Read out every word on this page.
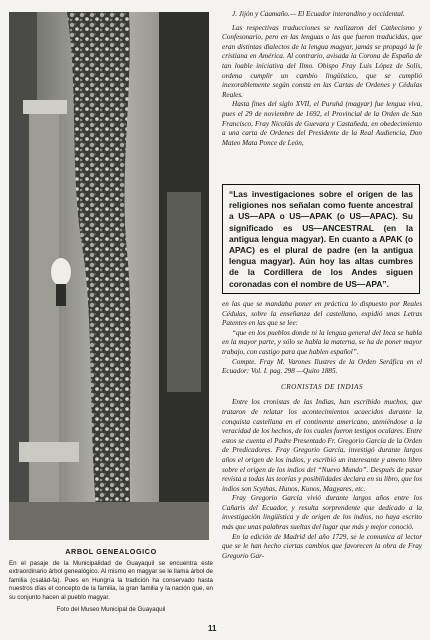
ARBOL GENEALOGICO
En el pasaje de la Municipalidad de Guayaquil se encuentra este extraordinario árbol genealógico. Al mismo en magyar se le llama árbol de familia (család-fa). Pues en Hungría la tradición ha conservado hasta nuestros días el concepto de la familia, la gran familia y la nación que, en su conjunto hacen al pueblo magyar.
Foto del Museo Municipal de Guayaquil

J. Jijón y Caamaño.— El Ecuador interandino y occidental.

Las respectivas traducciones se realizaron del Cathecismo y Confesonario, pero en las lenguas o las que fueron traducidas, que eran distintas dialectos de la lengua magyar, jamás se propagó la fe cristiana en América. Al contrario, avisada la Corona de España de tan loable iniciativa del Ilmo. Obispo Fray Luis López de Solís, ordena cumplir un cambio lingüístico, que se cumplió inexorablemente según consta en las Cartas de Ordenes y Cédulas Reales.

Hasta fines del siglo XVII, el Puruhá (magyar) fue lengua viva, pues el 29 de noviembre de 1692, el Provincial de la Orden de San Francisco, Fray Nicolás de Guevara y Castañeda, en obedecimiento a una carta de Ordenes del Presidente de la Real Audiencia, Don Mateo Mata Ponce de León,

“Las investigaciones sobre el origen de las religiones nos señalan como fuente ancestral a US—APA o US—APAK (o US—APAC). Su significado es US—ANCESTRAL (en la antigua lengua magyar). En cuanto a APAK (o APAC) es el plural de padre (en la antigua lengua magyar). Aún hoy las altas cumbres de la Cordillera de los Andes siguen coronadas con el nombre de US—APA”.

en las que se mandaba poner en práctica lo dispuesto por Reales Cédulas, sobre la enseñanza del castellano, expidió unas Letras Patentes en las que se lee:

“que en los pueblos donde ni la lengua general del Inca se habla en la mayor parte, y sólo se habla la materna, se ha de poner mayor trabajo, con castigo para que hablen español”.

Compte. Fray M. Varones Ilustres de la Orden Seráfica en el Ecuador: Vol. I. pag. 298 —Quito 1885.

CRONISTAS DE INDIAS

Entre los cronistas de las Indias, han escribido muchos, que trataron de relatar los acontecimientos acaecidos durante la conquista castellana en el continente americano, ateniéndose a la veracidad de los hechos, de los cuales fueron testigos oculares. Entre estos se cuenta el Padre Presentado Fr. Gregorio García de la Orden de Predicadores. Fray Gregorio García, investigó durante largos años el origen de los indios, y escribió un interesante y ameno libro sobre el origen de los indios del “Nuevo Mundo”. Después de pasar revista a todas las teorías y posibilidades declara en su libro, que los indios son Scythas, Hunos, Kunos, Magyares, etc.

Fray Gregorio García vivió durante largos años entre los Cañaris del Ecuador, y resulta sorprendente que dedicado a la investigación lingüística y de origen de los indios, no haya escrito más que unas palabras sueltas del lugar que más y mejor conoció.

En la edición de Madrid del año 1729, se le comunica al lector que se le han hecho ciertas cambios que favorecen la obra de Fray Gregorio Gar-

11
